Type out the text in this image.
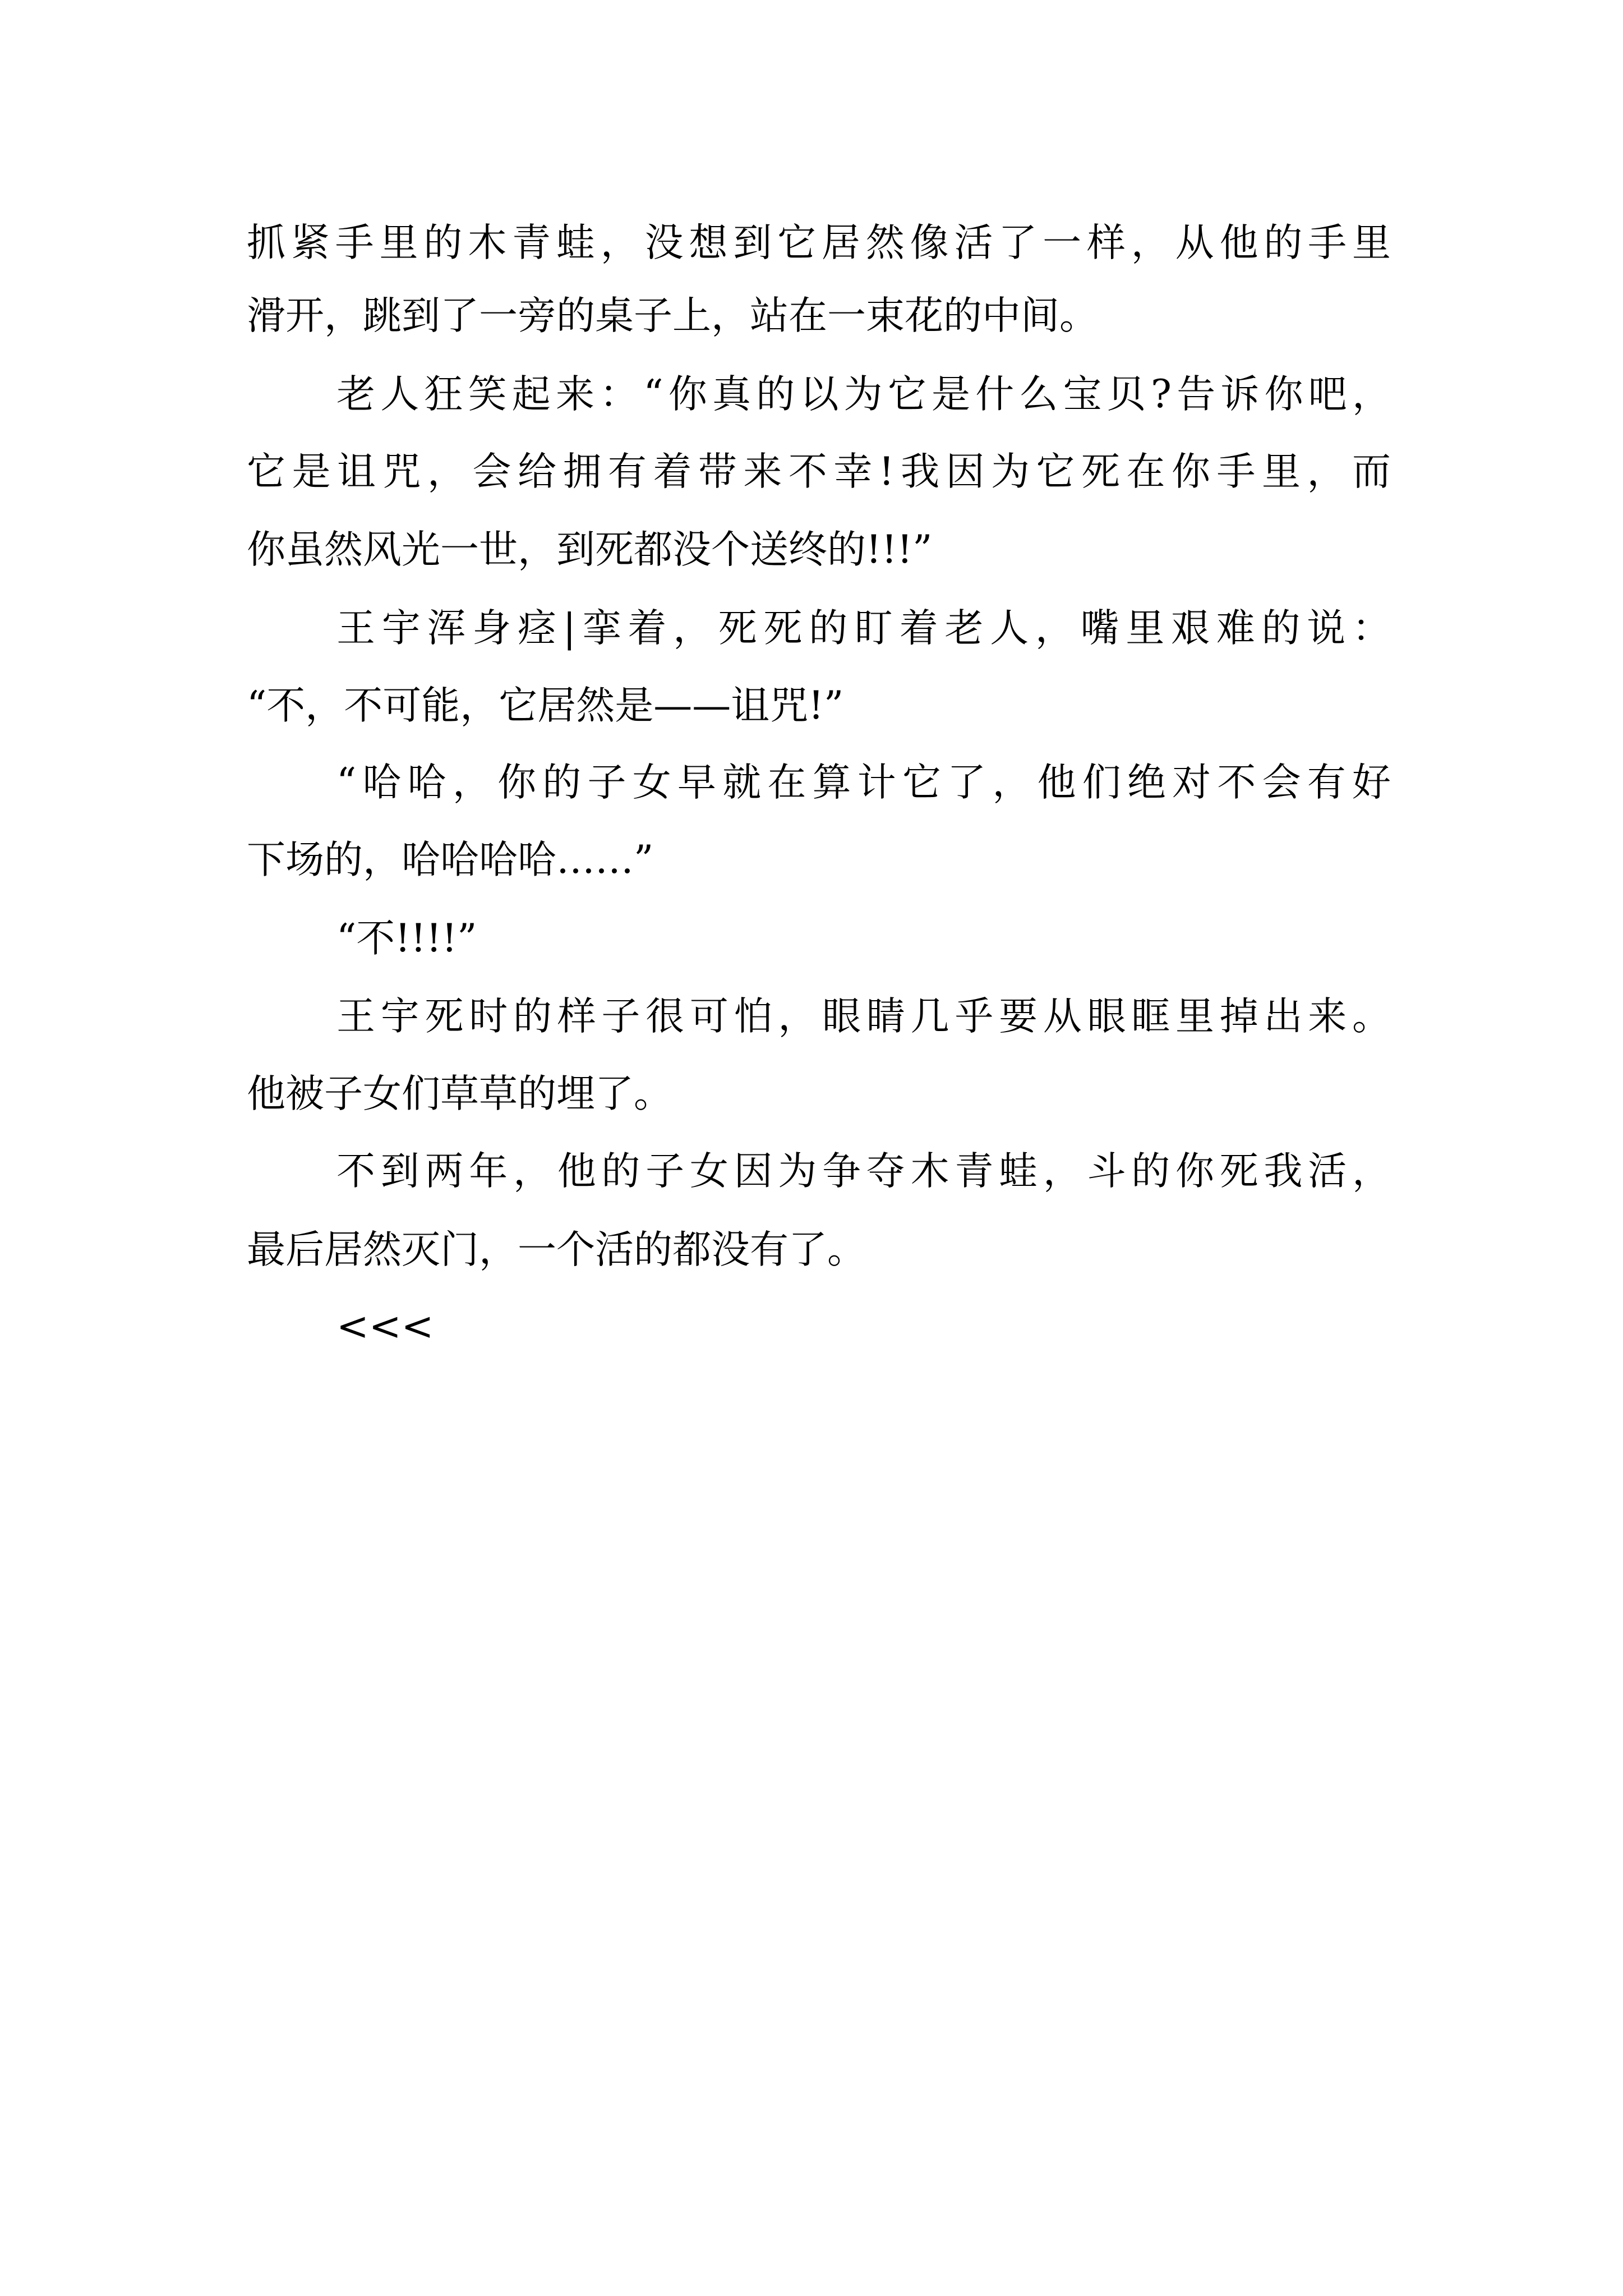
抓紧手里的木青蛙，没想到它居然像活了一样，从他的手里
滑开，跳到了一旁的桌子上，站在一束花的中间。
老人狂笑起来：“你真的以为它是什么宝贝?告诉你吧，
它是诅咒，会给拥有着带来不幸!我因为它死在你手里，而
你虽然风光一世，到死都没个送终的!!!”
王宇浑身痉|挛着，死死的盯着老人，嘴里艰难的说：
“不，不可能，它居然是——诅咒!”
“哈哈，你的子女早就在算计它了，他们绝对不会有好
下场的，哈哈哈哈……”
“不!!!!”
王宇死时的样子很可怕，眼睛几乎要从眼眶里掉出来。
他被子女们草草的埋了。
不到两年，他的子女因为争夺木青蛙，斗的你死我活，
最后居然灭门，一个活的都没有了。
<<<
